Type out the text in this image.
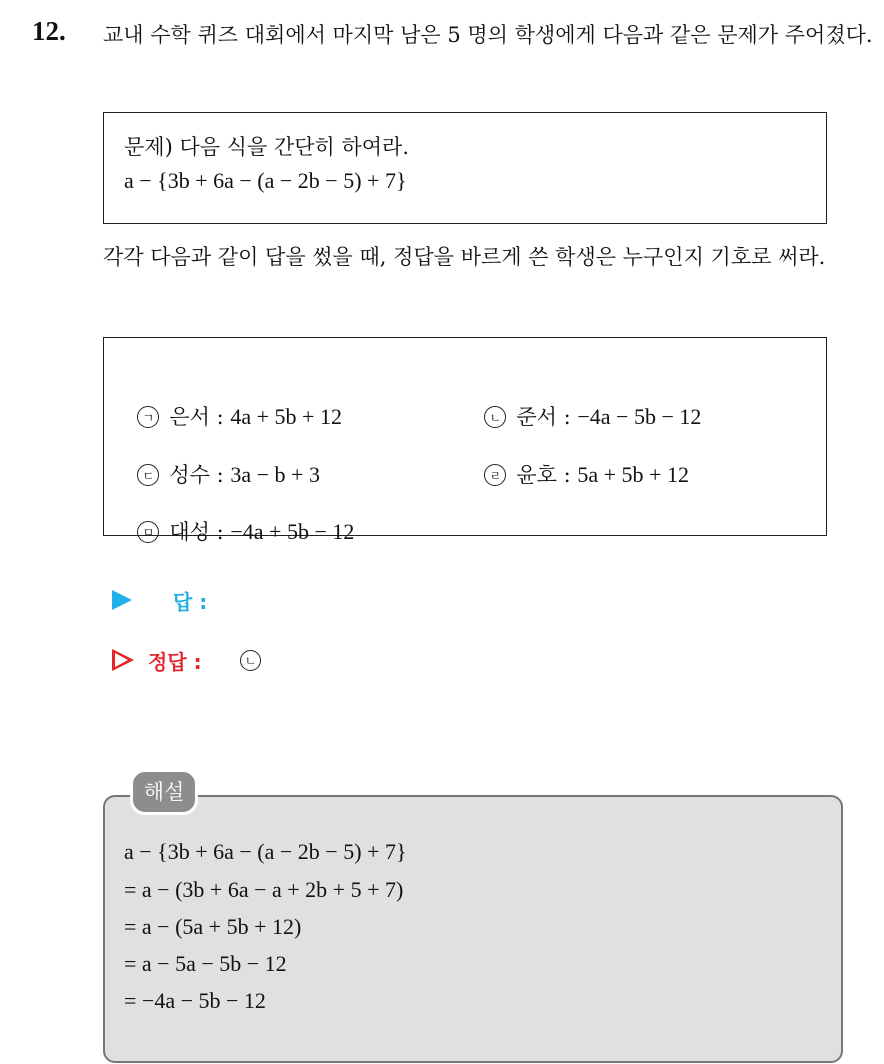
12. 교내 수학 퀴즈 대회에서 마지막 남은 5 명의 학생에게 다음과 같은 문제가 주어졌다.
문제) 다음 식을 간단히 하여라.
a − {3b + 6a − (a − 2b − 5) + 7}
각각 다음과 같이 답을 썼을 때, 정답을 바르게 쓴 학생은 누구인지 기호로 써라.

ㄱ 은서 : 4a + 5b + 12	ㄴ 준서 : −4a − 5b − 12

ㄷ 성수 : 3a − b + 3	ㄹ 윤호 : 5a + 5b + 12

ㅁ 대성 : −4a + 5b − 12

답 :
정답 :	ㄴ
해설
a − {3b + 6a − (a − 2b − 5) + 7}
= a − (3b + 6a − a + 2b + 5 + 7)
= a − (5a + 5b + 12)
= a − 5a − 5b − 12
= −4a − 5b − 12
